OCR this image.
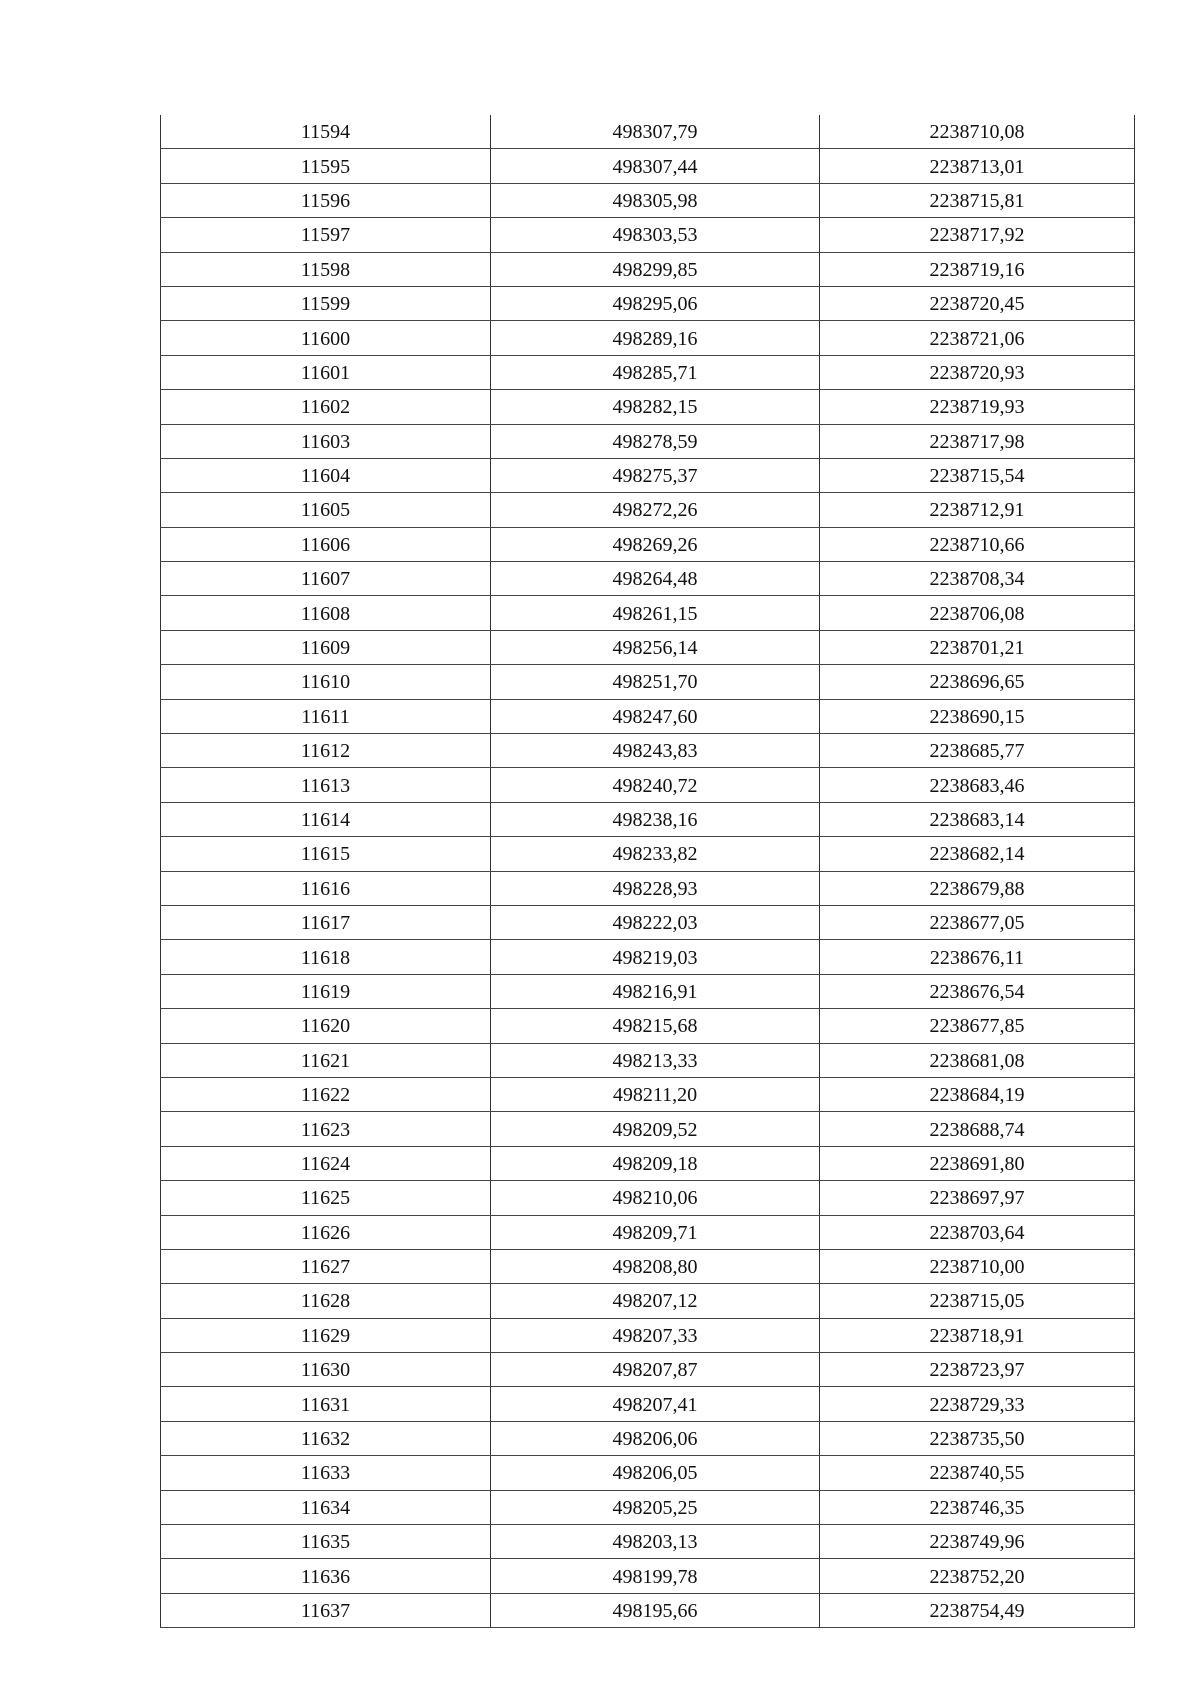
11594	498307,79	2238710,08
11595	498307,44	2238713,01
11596	498305,98	2238715,81
11597	498303,53	2238717,92
11598	498299,85	2238719,16
11599	498295,06	2238720,45
11600	498289,16	2238721,06
11601	498285,71	2238720,93
11602	498282,15	2238719,93
11603	498278,59	2238717,98
11604	498275,37	2238715,54
11605	498272,26	2238712,91
11606	498269,26	2238710,66
11607	498264,48	2238708,34
11608	498261,15	2238706,08
11609	498256,14	2238701,21
11610	498251,70	2238696,65
11611	498247,60	2238690,15
11612	498243,83	2238685,77
11613	498240,72	2238683,46
11614	498238,16	2238683,14
11615	498233,82	2238682,14
11616	498228,93	2238679,88
11617	498222,03	2238677,05
11618	498219,03	2238676,11
11619	498216,91	2238676,54
11620	498215,68	2238677,85
11621	498213,33	2238681,08
11622	498211,20	2238684,19
11623	498209,52	2238688,74
11624	498209,18	2238691,80
11625	498210,06	2238697,97
11626	498209,71	2238703,64
11627	498208,80	2238710,00
11628	498207,12	2238715,05
11629	498207,33	2238718,91
11630	498207,87	2238723,97
11631	498207,41	2238729,33
11632	498206,06	2238735,50
11633	498206,05	2238740,55
11634	498205,25	2238746,35
11635	498203,13	2238749,96
11636	498199,78	2238752,20
11637	498195,66	2238754,49
